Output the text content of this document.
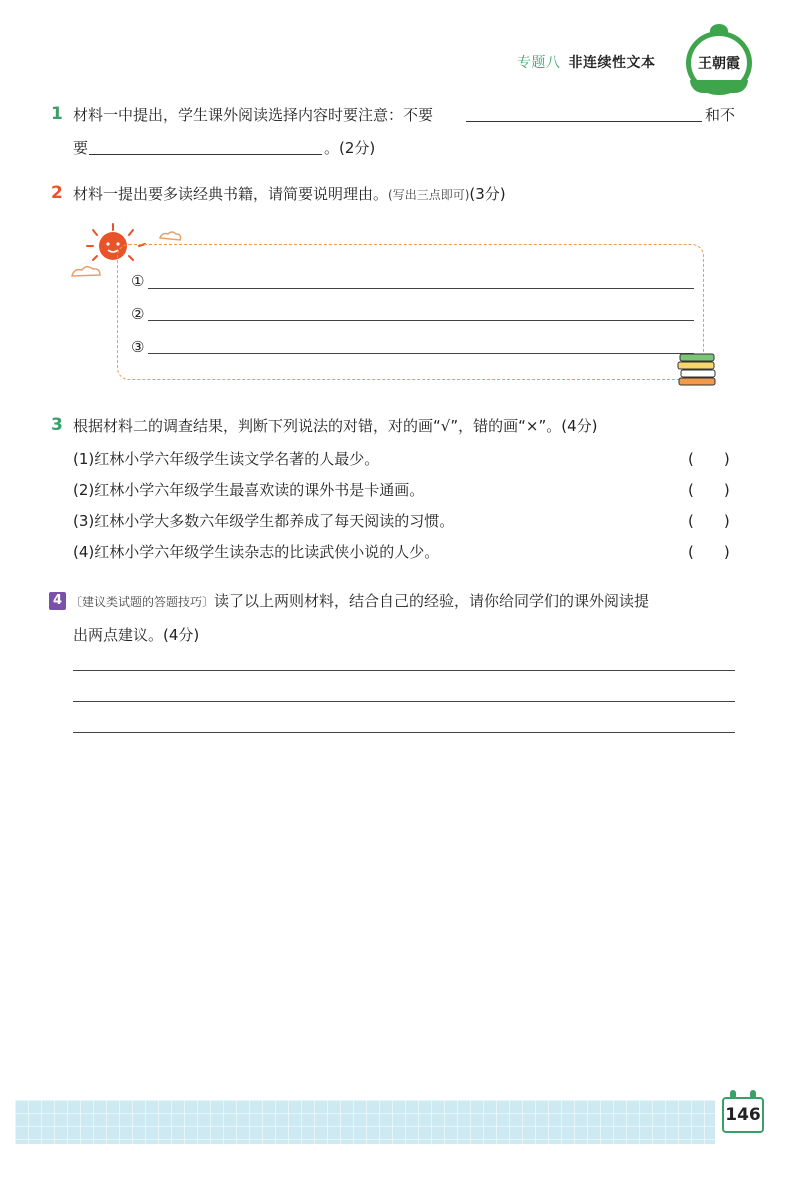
专题八 非连续性文本	王朝霞
1 材料一中提出，学生课外阅读选择内容时要注意：不要	和不
要	。(2分)
2 材料一提出要多读经典书籍，请简要说明理由。(写出三点即可)(3分)
①
②
③
3 根据材料二的调查结果，判断下列说法的对错，对的画“√”，错的画“×”。(4分)
(1)红林小学六年级学生读文学名著的人最少。	(　　)
(2)红林小学六年级学生最喜欢读的课外书是卡通画。	(　　)
(3)红林小学大多数六年级学生都养成了每天阅读的习惯。	(　　)
(4)红林小学六年级学生读杂志的比读武侠小说的人少。	(　　)
4 〔建议类试题的答题技巧〕读了以上两则材料，结合自己的经验，请你给同学们的课外阅读提
出两点建议。(4分)
146
